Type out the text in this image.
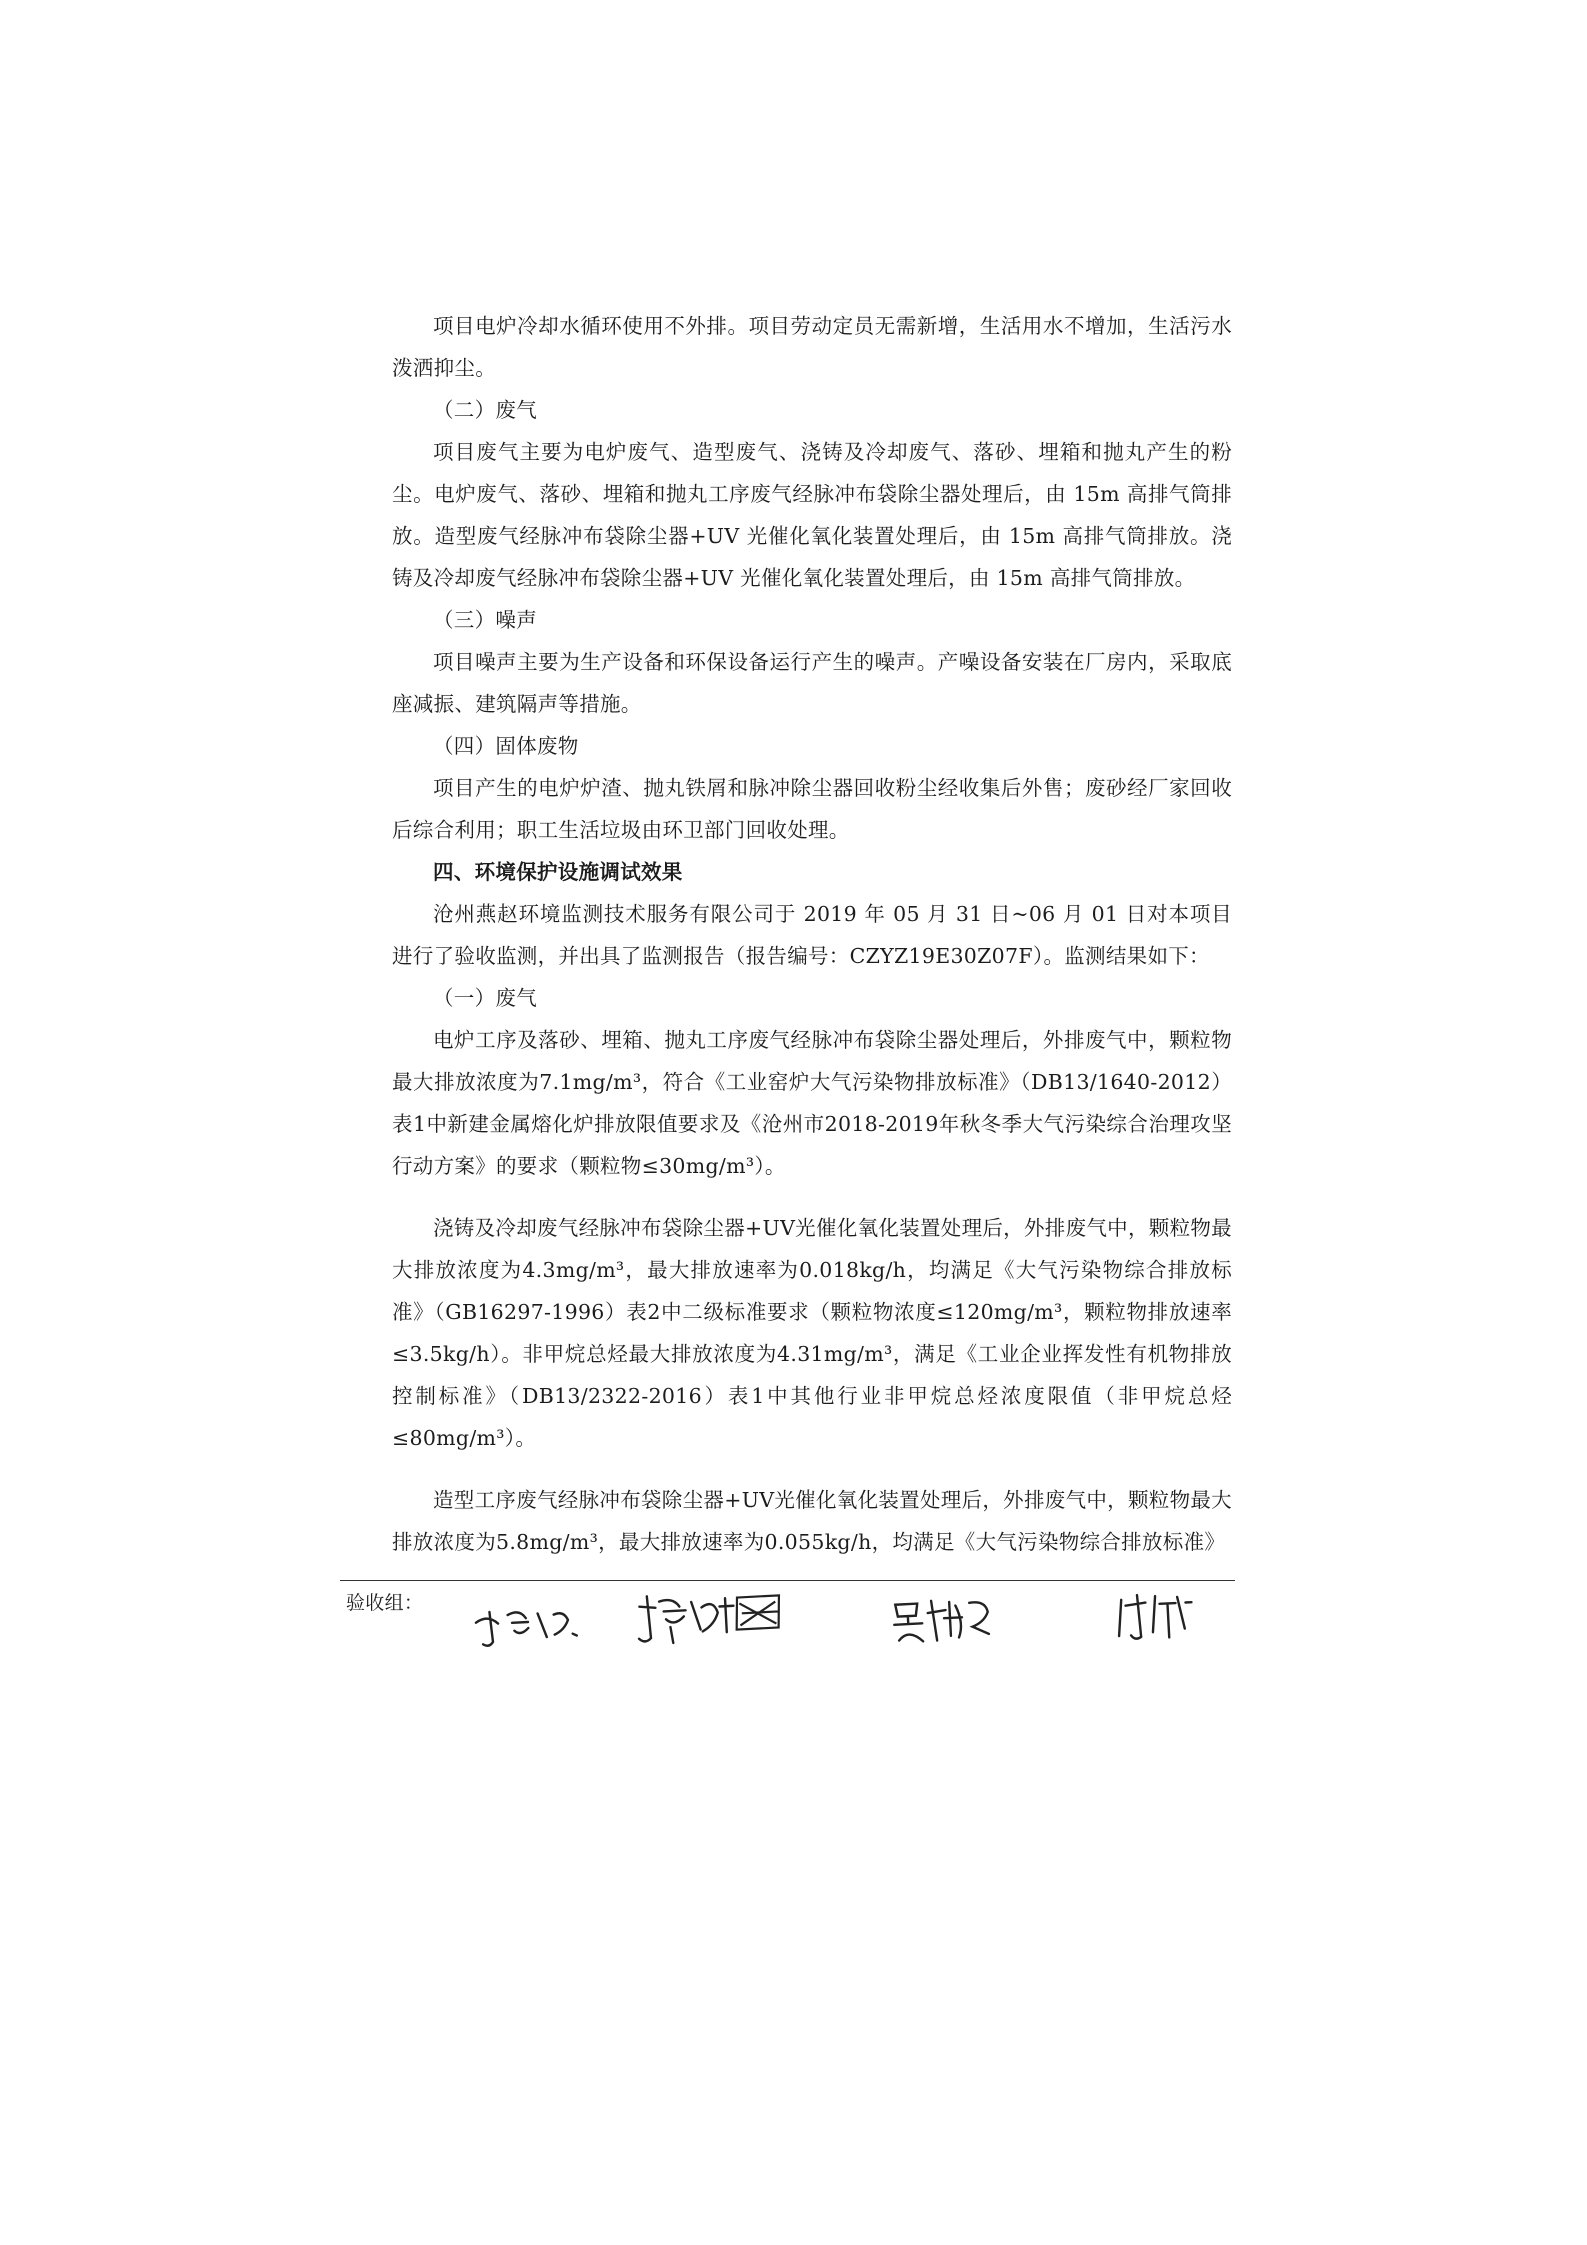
项目电炉冷却水循环使用不外排。项目劳动定员无需新增，生活用水不增加，生活污水泼洒抑尘。

（二）废气

项目废气主要为电炉废气、造型废气、浇铸及冷却废气、落砂、埋箱和抛丸产生的粉尘。电炉废气、落砂、埋箱和抛丸工序废气经脉冲布袋除尘器处理后，由 15m 高排气筒排放。造型废气经脉冲布袋除尘器+UV 光催化氧化装置处理后，由 15m 高排气筒排放。浇铸及冷却废气经脉冲布袋除尘器+UV 光催化氧化装置处理后，由 15m 高排气筒排放。

（三）噪声

项目噪声主要为生产设备和环保设备运行产生的噪声。产噪设备安装在厂房内，采取底座减振、建筑隔声等措施。

（四）固体废物

项目产生的电炉炉渣、抛丸铁屑和脉冲除尘器回收粉尘经收集后外售；废砂经厂家回收后综合利用；职工生活垃圾由环卫部门回收处理。

四、环境保护设施调试效果

沧州燕赵环境监测技术服务有限公司于 2019 年 05 月 31 日~06 月 01 日对本项目进行了验收监测，并出具了监测报告（报告编号：CZYZ19E30Z07F）。监测结果如下：

（一）废气

电炉工序及落砂、埋箱、抛丸工序废气经脉冲布袋除尘器处理后，外排废气中，颗粒物最大排放浓度为7.1mg/m³，符合《工业窑炉大气污染物排放标准》（DB13/1640-2012）表1中新建金属熔化炉排放限值要求及《沧州市2018-2019年秋冬季大气污染综合治理攻坚行动方案》的要求（颗粒物≤30mg/m³）。

浇铸及冷却废气经脉冲布袋除尘器+UV光催化氧化装置处理后，外排废气中，颗粒物最大排放浓度为4.3mg/m³，最大排放速率为0.018kg/h，均满足《大气污染物综合排放标准》（GB16297-1996）表2中二级标准要求（颗粒物浓度≤120mg/m³，颗粒物排放速率≤3.5kg/h）。非甲烷总烃最大排放浓度为4.31mg/m³，满足《工业企业挥发性有机物排放控制标准》（DB13/2322-2016）表1中其他行业非甲烷总烃浓度限值（非甲烷总烃≤80mg/m³）。

造型工序废气经脉冲布袋除尘器+UV光催化氧化装置处理后，外排废气中，颗粒物最大排放浓度为5.8mg/m³，最大排放速率为0.055kg/h，均满足《大气污染物综合排放标准》

验收组：
